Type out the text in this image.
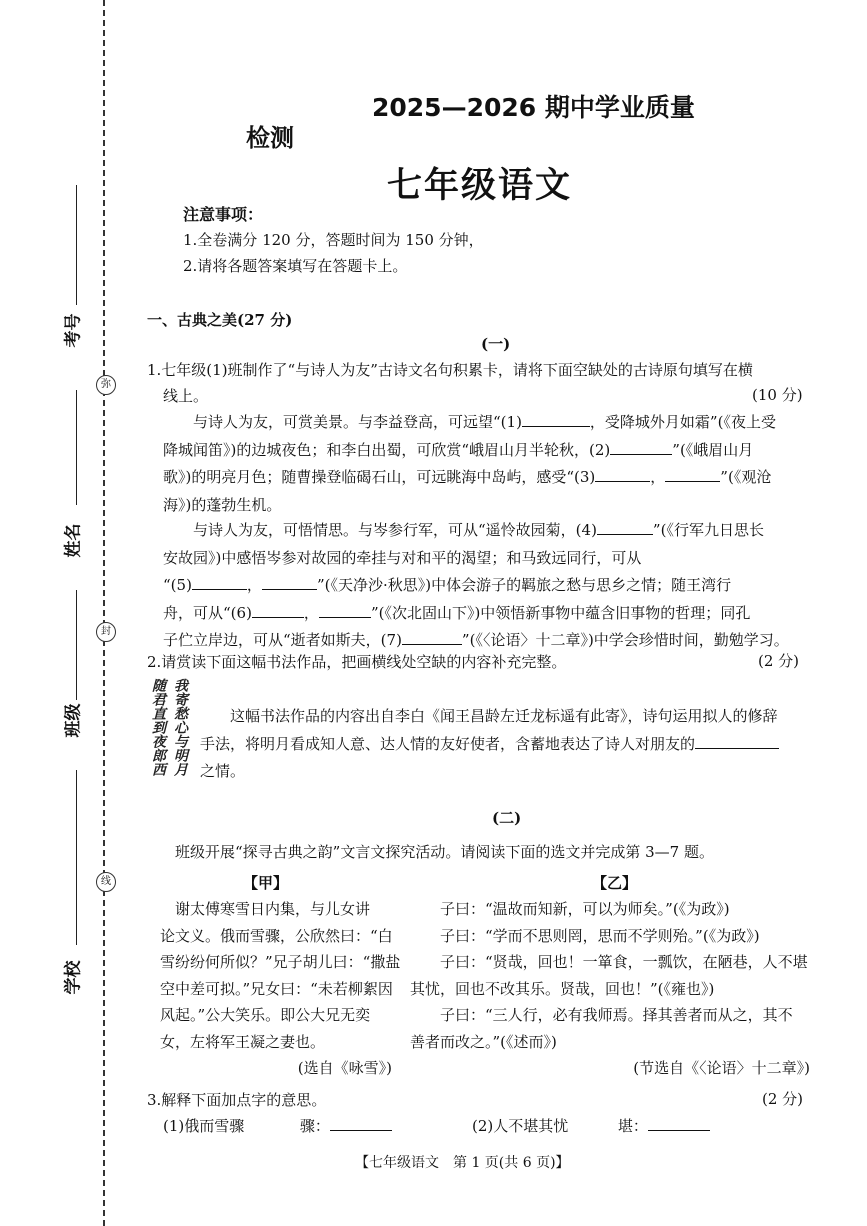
弥
封
线
考号
姓名
班级
学校
2025—2026 期中学业质量
检测
七年级语文
注意事项：
1.全卷满分 120 分，答题时间为 150 分钟，
2.请将各题答案填写在答题卡上。
一、古典之美(27 分)
(一)
1.七年级(1)班制作了“与诗人为友”古诗文名句积累卡，请将下面空缺处的古诗原句填写在横
线上。	(10 分)
与诗人为友，可赏美景。与李益登高，可远望“(1)	，受降城外月如霜”(《夜上受
降城闻笛》)的边城夜色；和李白出蜀，可欣赏“峨眉山月半轮秋，(2)	”(《峨眉山月
歌》)的明亮月色；随曹操登临碣石山，可远眺海中岛屿，感受“(3)	，	”(《观沧
海》)的蓬勃生机。
与诗人为友，可悟情思。与岑参行军，可从“遥怜故园菊，(4)	”(《行军九日思长
安故园》)中感悟岑参对故园的牵挂与对和平的渴望；和马致远同行，可从
“(5)	，	”(《天净沙·秋思》)中体会游子的羁旅之愁与思乡之情；随王湾行
舟，可从“(6)	，	”(《次北固山下》)中领悟新事物中蕴含旧事物的哲理；同孔
子伫立岸边，可从“逝者如斯夫，(7)	”(《〈论语〉十二章》)中学会珍惜时间，勤勉学习。
2.请赏读下面这幅书法作品，把画横线处空缺的内容补充完整。	(2 分)
我寄愁心与明月
随君直到夜郎西	这幅书法作品的内容出自李白《闻王昌龄左迁龙标遥有此寄》，诗句运用拟人的修辞
手法，将明月看成知人意、达人情的友好使者，含蓄地表达了诗人对朋友的
之情。
(二)
班级开展“探寻古典之韵”文言文探究活动。请阅读下面的选文并完成第 3—7 题。
【甲】	【乙】
谢太傅寒雪日内集，与儿女讲
论文义。俄而雪骤，公欣然曰：“白
雪纷纷何所似？”兄子胡儿曰：“撒盐
空中差可拟。”兄女曰：“未若柳絮因
风起。”公大笑乐。即公大兄无奕
女，左将军王凝之妻也。
(选自《咏雪》)
子曰：“温故而知新，可以为师矣。”(《为政》)
子曰：“学而不思则罔，思而不学则殆。”(《为政》)
子曰：“贤哉，回也！一箪食，一瓢饮，在陋巷，人不堪
其忧，回也不改其乐。贤哉，回也！”(《雍也》)
子曰：“三人行，必有我师焉。择其善者而从之，其不
善者而改之。”(《述而》)
(节选自《〈论语〉十二章》)
3.解释下面加点字的意思。	(2 分)
(1)俄而雪骤	骤：	(2)人不堪其忧	堪：
【七年级语文　第 1 页(共 6 页)】
